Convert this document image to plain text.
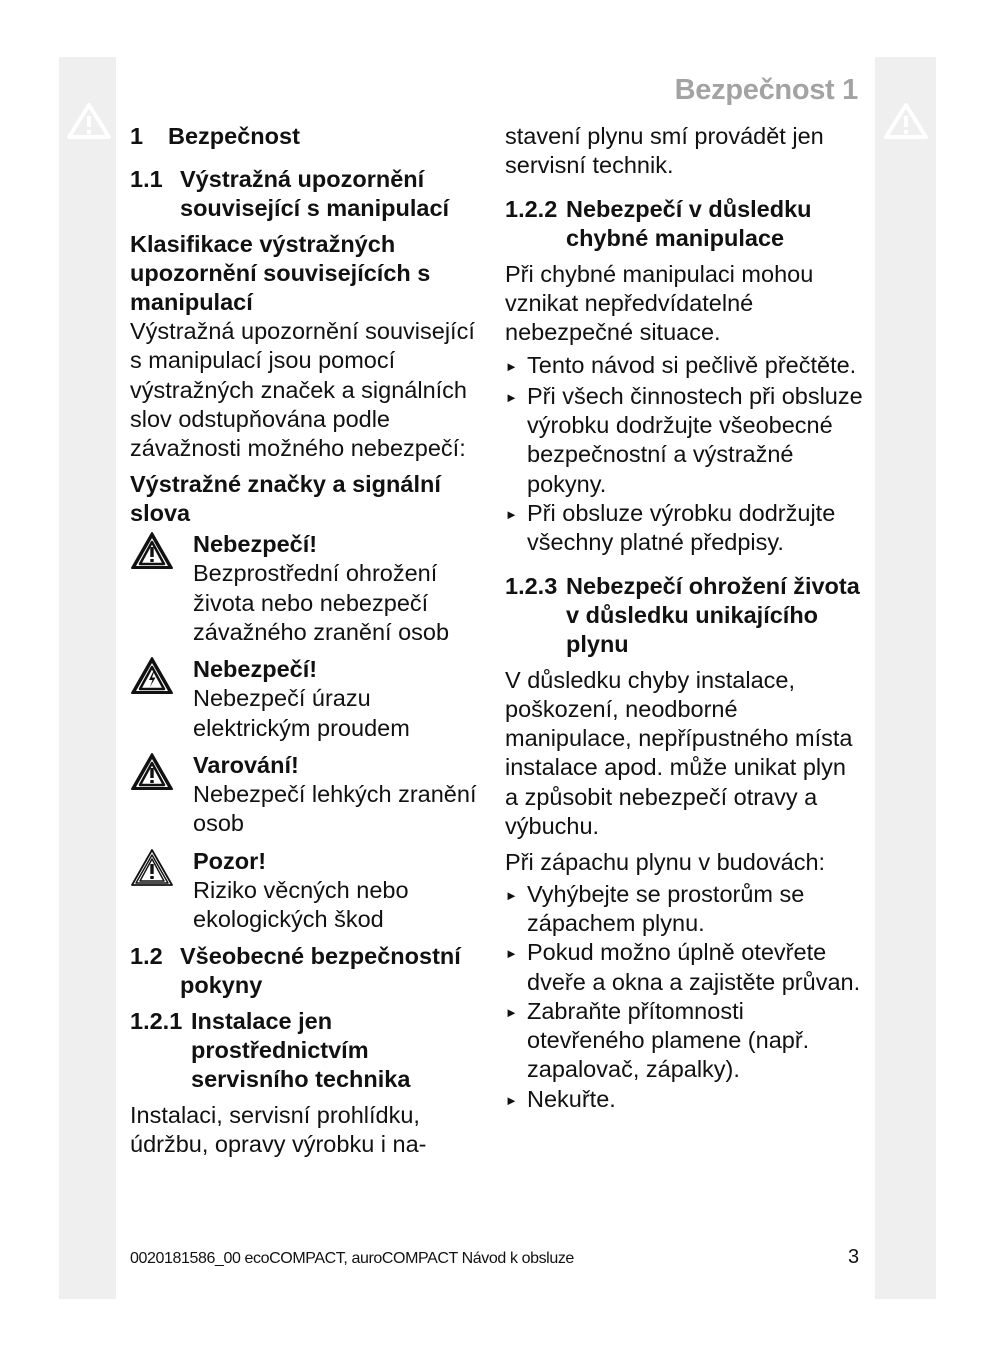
Bezpečnost 1
1	Bezpečnost
1.1 Výstražná upozornění související s manipulací
Klasifikace výstražných upozornění souvisejících s manipulací
Výstražná upozornění související s manipulací jsou pomocí výstražných značek a signálních slov odstupňována podle závažnosti možného nebezpečí:
Výstražné značky a signální slova
Nebezpečí!
Bezprostřední ohrožení života nebo nebezpečí závažného zranění osob
Nebezpečí!
Nebezpečí úrazu elektrickým proudem
Varování!
Nebezpečí lehkých zranění osob
Pozor!
Riziko věcných nebo ekologických škod
1.2 Všeobecné bezpečnostní pokyny
1.2.1 Instalace jen prostřednictvím servisního technika
Instalaci, servisní prohlídku, údržbu, opravy výrobku i na-
stavení plynu smí provádět jen servisní technik.
1.2.2 Nebezpečí v důsledku chybné manipulace
Při chybné manipulaci mohou vznikat nepředvídatelné nebezpečné situace.
► Tento návod si pečlivě přečtěte.
► Při všech činnostech při obsluze výrobku dodržujte všeobecné bezpečnostní a výstražné pokyny.
► Při obsluze výrobku dodržujte všechny platné předpisy.
1.2.3 Nebezpečí ohrožení života v důsledku unikajícího plynu
V důsledku chyby instalace, poškození, neodborné manipulace, nepřípustného místa instalace apod. může unikat plyn a způsobit nebezpečí otravy a výbuchu.
Při zápachu plynu v budovách:
► Vyhýbejte se prostorům se zápachem plynu.
► Pokud možno úplně otevřete dveře a okna a zajistěte průvan.
► Zabraňte přítomnosti otevřeného plamene (např. zapalovač, zápalky).
► Nekuřte.
0020181586_00 ecoCOMPACT, auroCOMPACT Návod k obsluze	3
